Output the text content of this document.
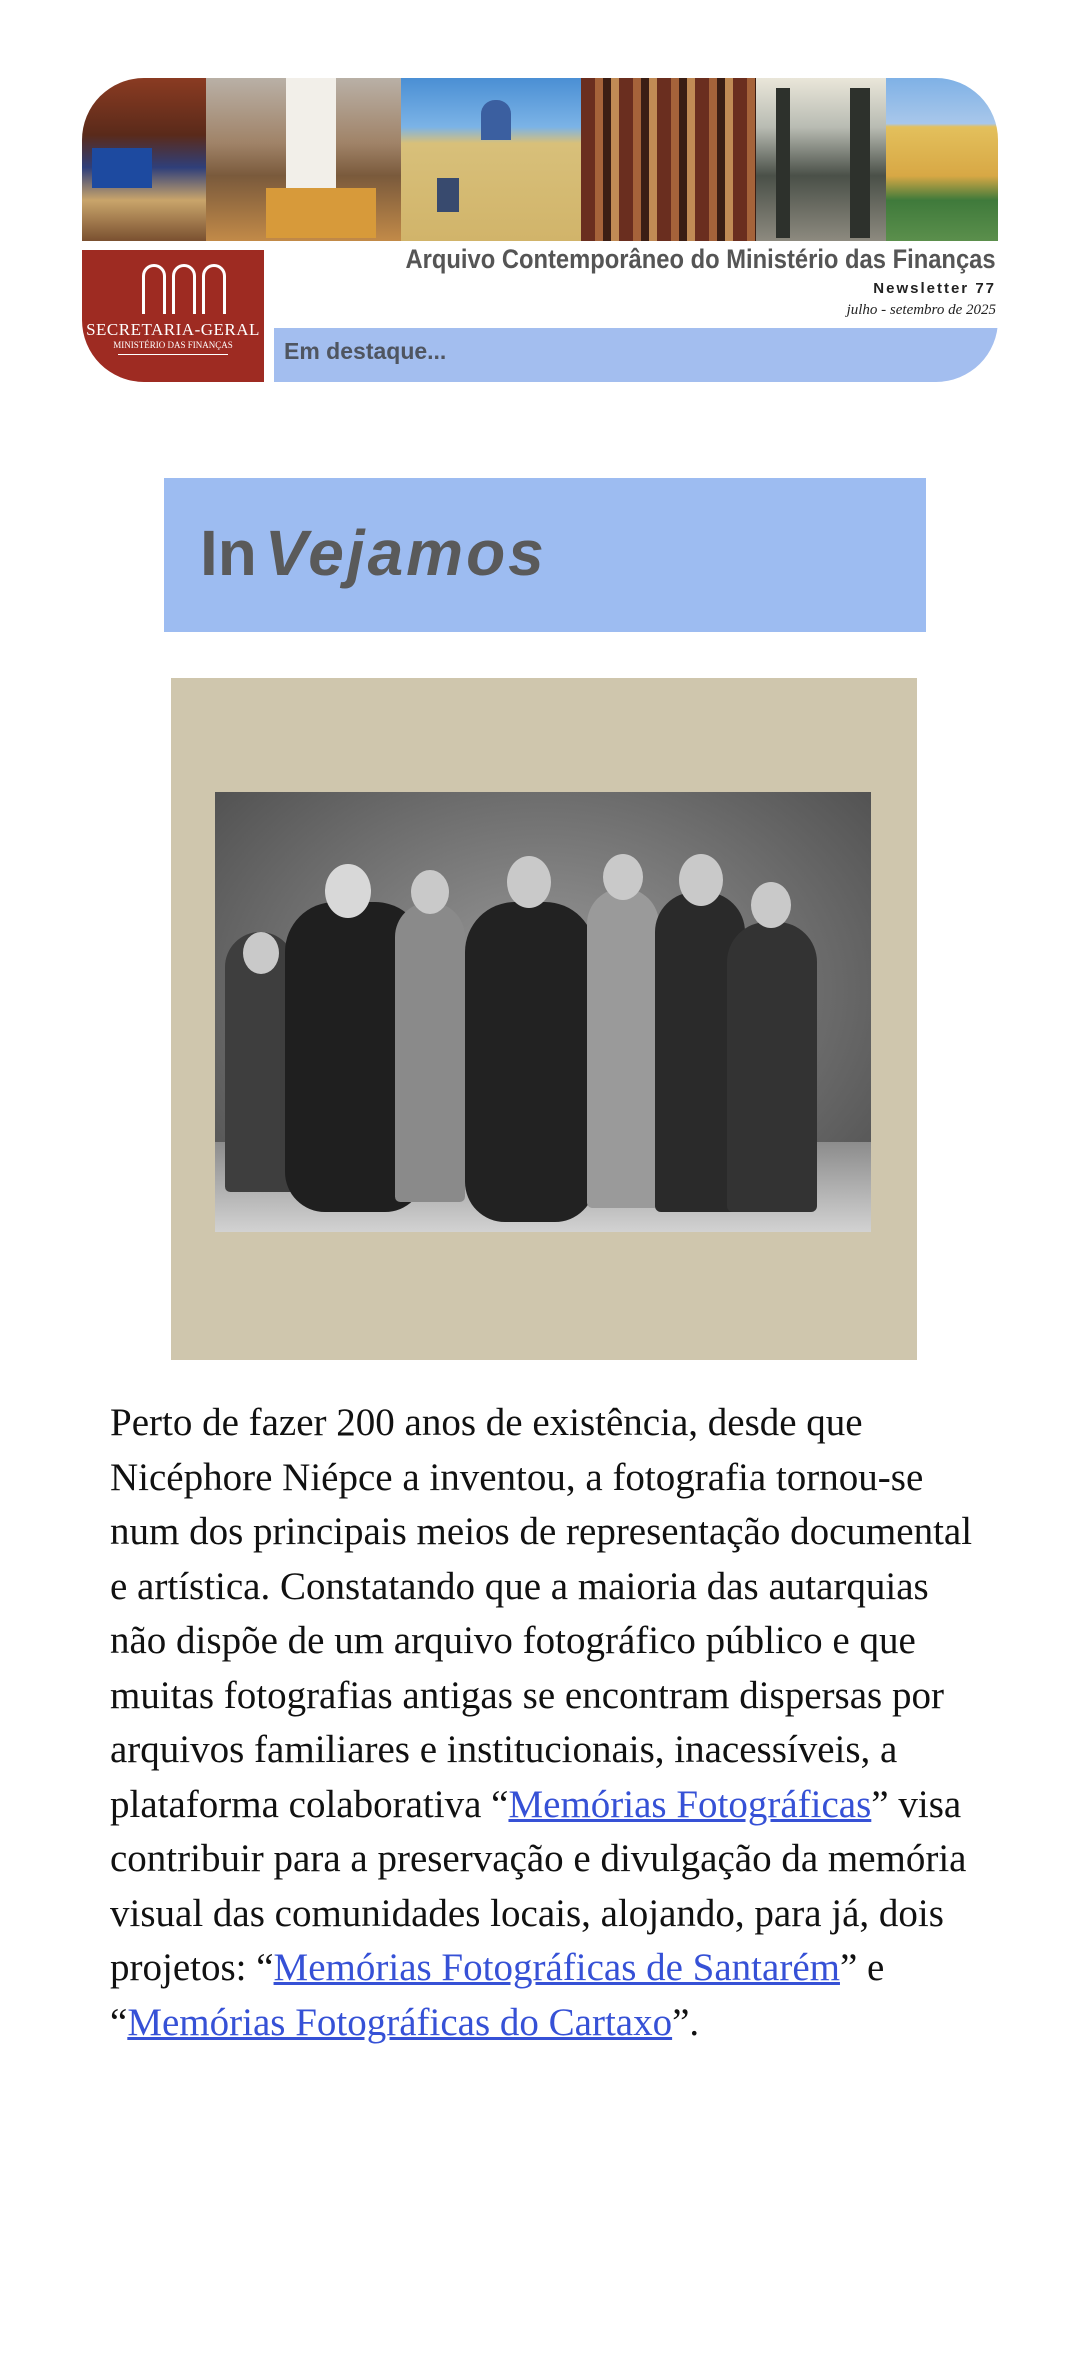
SECRETARIA-GERAL
MINISTÉRIO DAS FINANÇAS
Arquivo Contemporâneo do Ministério das Finanças
Newsletter 77
julho - setembro de 2025
Em destaque...
In Vejamos

Perto de fazer 200 anos de existência, desde que Nicéphore Niépce a inventou, a fotografia tornou-se num dos principais meios de representação documental e artística. Constatando que a maioria das autarquias não dispõe de um arquivo fotográfico público e que muitas fotografias antigas se encontram dispersas por arquivos familiares e institucionais, inacessíveis, a plataforma colaborativa “Memórias Fotográficas” visa contribuir para a preservação e divulgação da memória visual das comunidades locais, alojando, para já, dois projetos: “Memórias Fotográficas de Santarém” e “Memórias Fotográficas do Cartaxo”.
